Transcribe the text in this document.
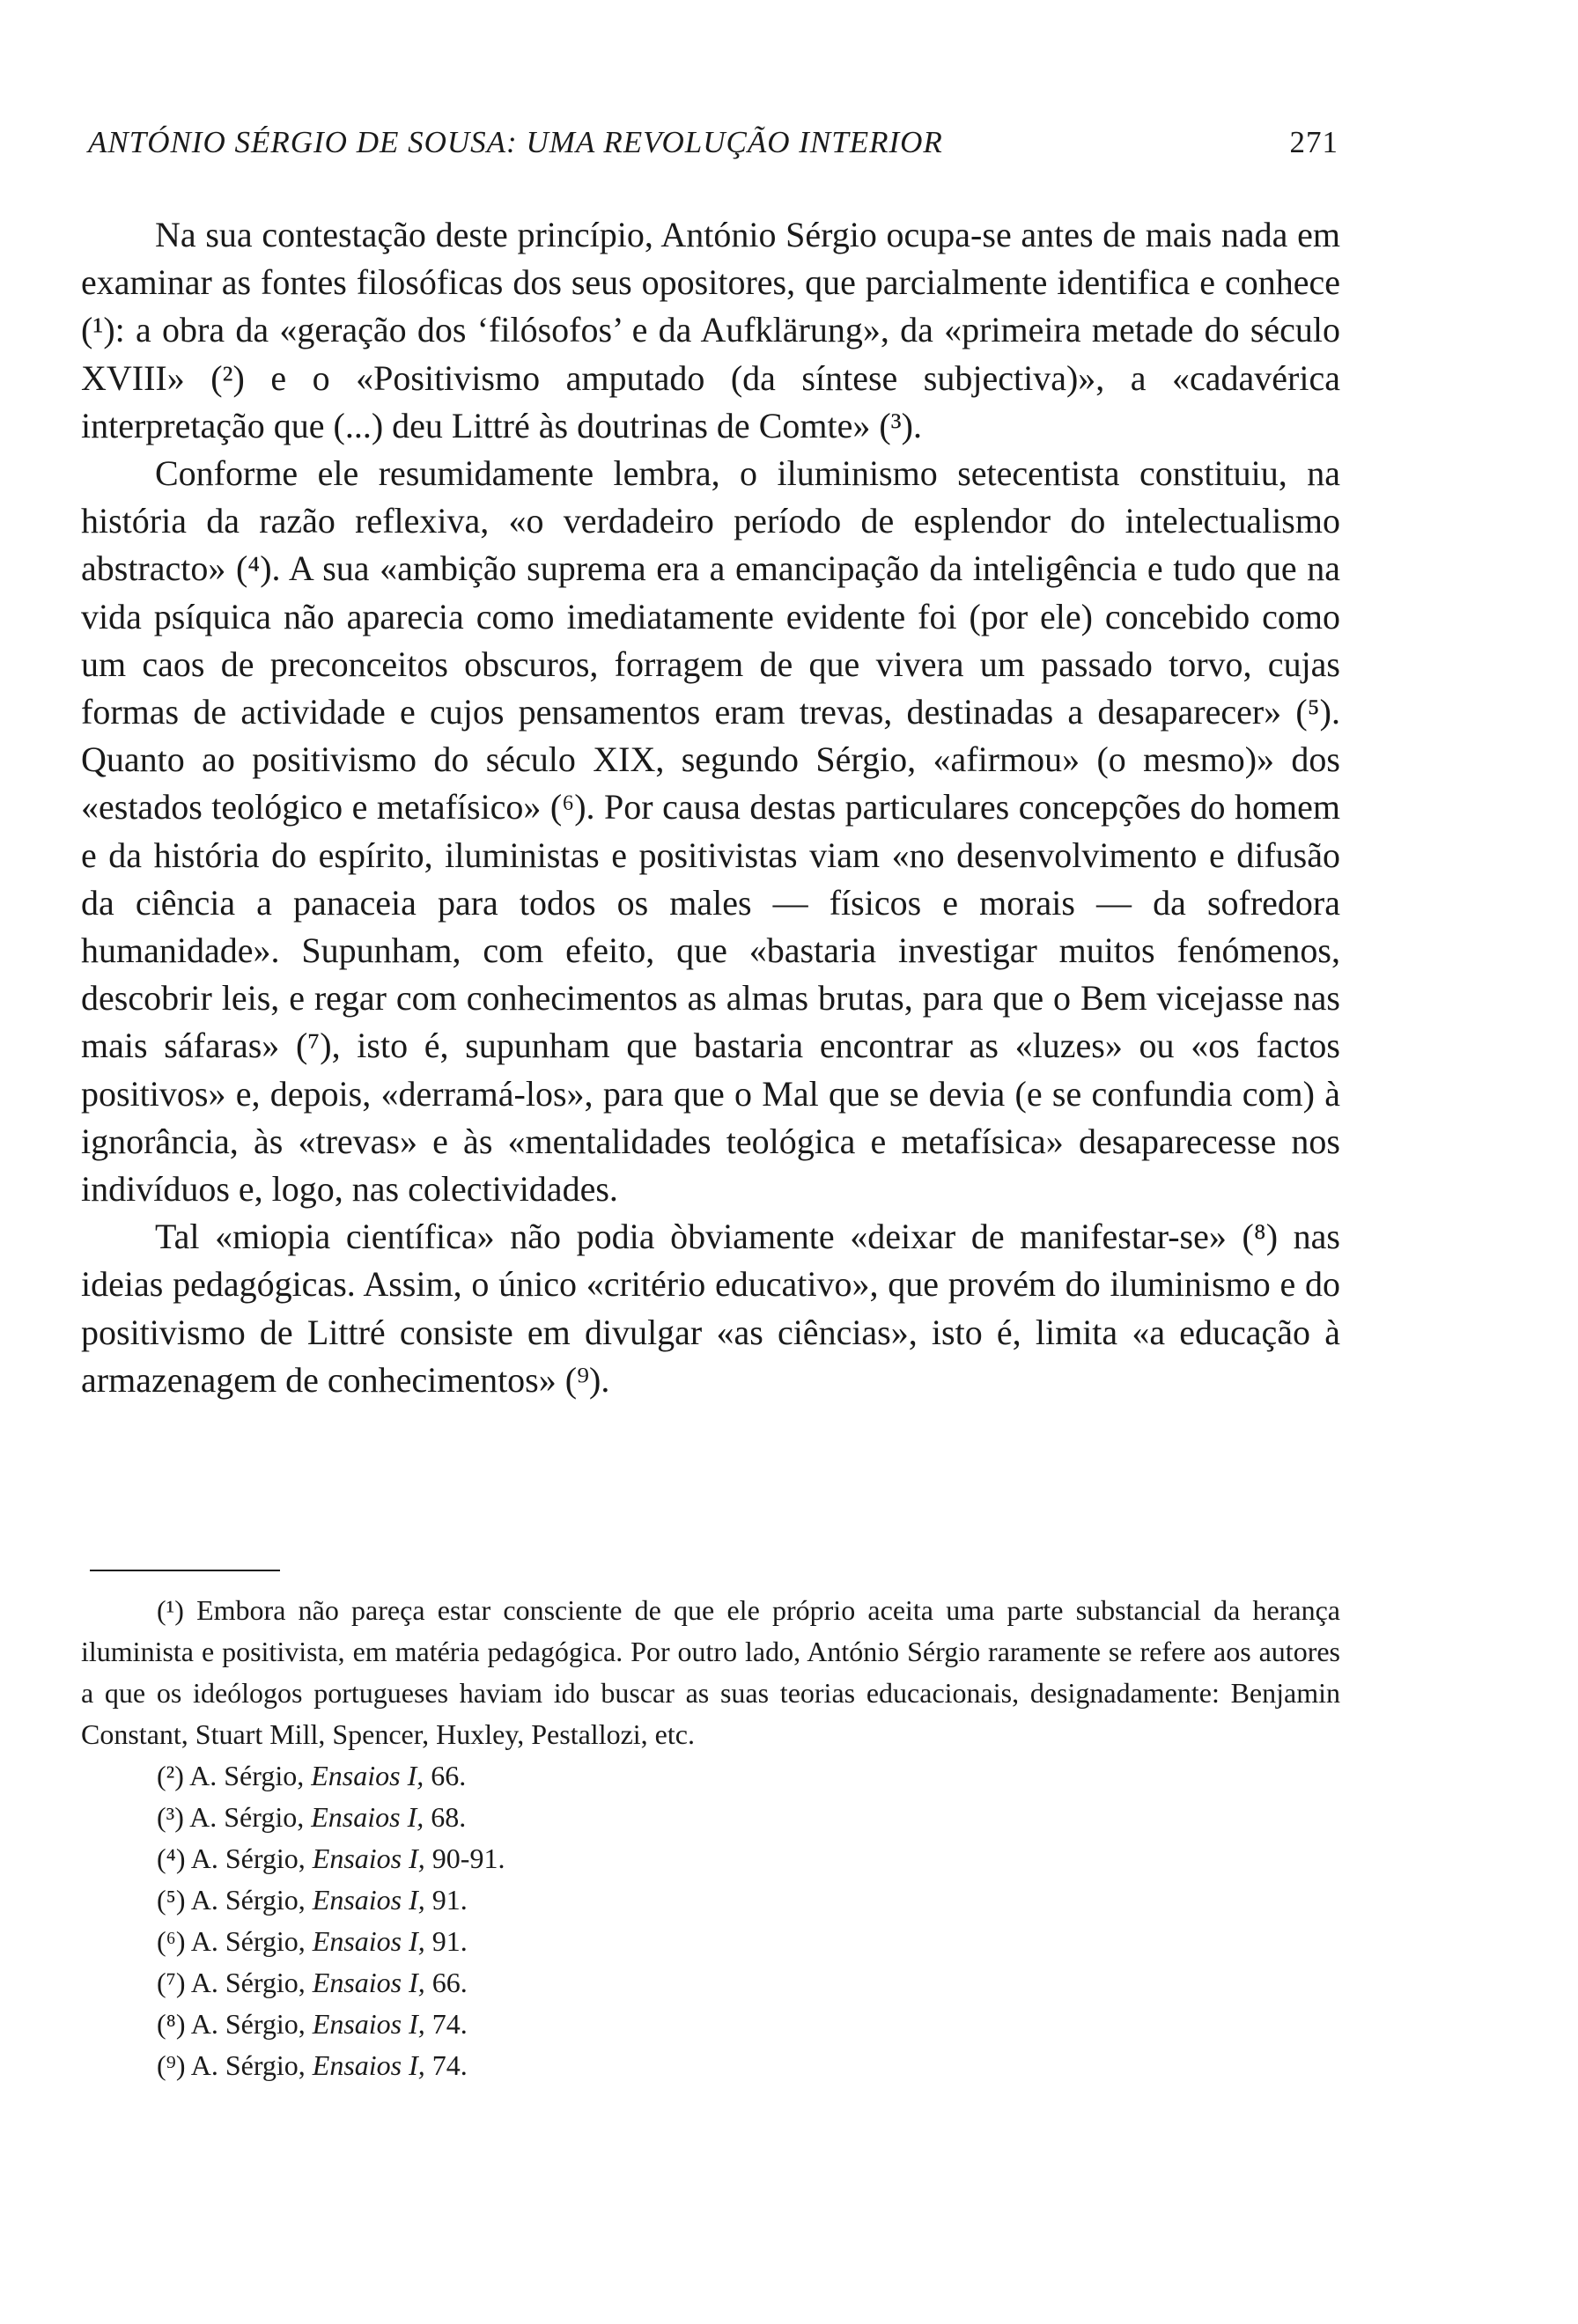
ANTÓNIO SÉRGIO DE SOUSA: UMA REVOLUÇÃO INTERIOR	271

Na sua contestação deste princípio, António Sérgio ocupa-se antes de mais nada em examinar as fontes filosóficas dos seus opositores, que parcialmente identifica e conhece (¹): a obra da «geração dos ‘filósofos’ e da Aufklärung», da «primeira metade do século XVIII» (²) e o «Positivismo amputado (da síntese subjectiva)», a «cadavérica interpretação que (...) deu Littré às doutrinas de Comte» (³).

Conforme ele resumidamente lembra, o iluminismo setecentista constituiu, na história da razão reflexiva, «o verdadeiro período de esplendor do intelectualismo abstracto» (⁴). A sua «ambição suprema era a emancipação da inteligência e tudo que na vida psíquica não aparecia como imediatamente evidente foi (por ele) concebido como um caos de preconceitos obscuros, forragem de que vivera um passado torvo, cujas formas de actividade e cujos pensamentos eram trevas, destinadas a desaparecer» (⁵). Quanto ao positivismo do século XIX, segundo Sérgio, «afirmou» (o mesmo)» dos «estados teológico e metafísico» (⁶). Por causa destas particulares concepções do homem e da história do espírito, iluministas e positivistas viam «no desenvolvimento e difusão da ciência a panaceia para todos os males — físicos e morais — da sofredora humanidade». Supunham, com efeito, que «bastaria investigar muitos fenómenos, descobrir leis, e regar com conhecimentos as almas brutas, para que o Bem vicejasse nas mais sáfaras» (⁷), isto é, supunham que bastaria encontrar as «luzes» ou «os factos positivos» e, depois, «derramá-los», para que o Mal que se devia (e se confundia com) à ignorância, às «trevas» e às «mentalidades teológica e metafísica» desaparecesse nos indivíduos e, logo, nas colectividades.

Tal «miopia científica» não podia òbviamente «deixar de manifestar-se» (⁸) nas ideias pedagógicas. Assim, o único «critério educativo», que provém do iluminismo e do positivismo de Littré consiste em divulgar «as ciências», isto é, limita «a educação à armazenagem de conhecimentos» (⁹).

(¹) Embora não pareça estar consciente de que ele próprio aceita uma parte substancial da herança iluminista e positivista, em matéria pedagógica. Por outro lado, António Sérgio raramente se refere aos autores a que os ideólogos portugueses haviam ido buscar as suas teorias educacionais, designadamente: Benjamin Constant, Stuart Mill, Spencer, Huxley, Pestallozi, etc.

(²) A. Sérgio, Ensaios I, 66.

(³) A. Sérgio, Ensaios I, 68.

(⁴) A. Sérgio, Ensaios I, 90-91.

(⁵) A. Sérgio, Ensaios I, 91.

(⁶) A. Sérgio, Ensaios I, 91.

(⁷) A. Sérgio, Ensaios I, 66.

(⁸) A. Sérgio, Ensaios I, 74.

(⁹) A. Sérgio, Ensaios I, 74.
